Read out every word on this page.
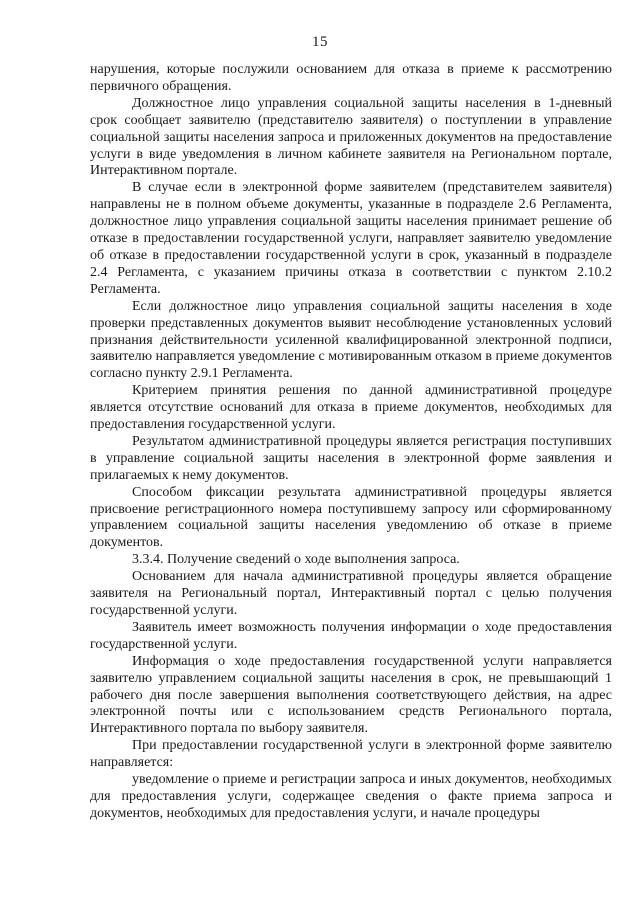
15

нарушения, которые послужили основанием для отказа в приеме к рассмотрению первичного обращения.

Должностное лицо управления социальной защиты населения в 1-дневный срок сообщает заявителю (представителю заявителя) о поступлении в управление социальной защиты населения запроса и приложенных документов на предоставление услуги в виде уведомления в личном кабинете заявителя на Региональном портале, Интерактивном портале.

В случае если в электронной форме заявителем (представителем заявителя) направлены не в полном объеме документы, указанные в подразделе 2.6 Регламента, должностное лицо управления социальной защиты населения принимает решение об отказе в предоставлении государственной услуги, направляет заявителю уведомление об отказе в предоставлении государственной услуги в срок, указанный в подразделе 2.4 Регламента, с указанием причины отказа в соответствии с пунктом 2.10.2 Регламента.

Если должностное лицо управления социальной защиты населения в ходе проверки представленных документов выявит несоблюдение установленных условий признания действительности усиленной квалифицированной электронной подписи, заявителю направляется уведомление с мотивированным отказом в приеме документов согласно пункту 2.9.1 Регламента.

Критерием принятия решения по данной административной процедуре является отсутствие оснований для отказа в приеме документов, необходимых для предоставления государственной услуги.

Результатом административной процедуры является регистрация поступивших в управление социальной защиты населения в электронной форме заявления и прилагаемых к нему документов.

Способом фиксации результата административной процедуры является присвоение регистрационного номера поступившему запросу или сформированному управлением социальной защиты населения уведомлению об отказе в приеме документов.

3.3.4. Получение сведений о ходе выполнения запроса.

Основанием для начала административной процедуры является обращение заявителя на Региональный портал, Интерактивный портал с целью получения государственной услуги.

Заявитель имеет возможность получения информации о ходе предоставления государственной услуги.

Информация о ходе предоставления государственной услуги направляется заявителю управлением социальной защиты населения в срок, не превышающий 1 рабочего дня после завершения выполнения соответствующего действия, на адрес электронной почты или с использованием средств Регионального портала, Интерактивного портала по выбору заявителя.

При предоставлении государственной услуги в электронной форме заявителю направляется:

уведомление о приеме и регистрации запроса и иных документов, необходимых для предоставления услуги, содержащее сведения о факте приема запроса и документов, необходимых для предоставления услуги, и начале процедуры
